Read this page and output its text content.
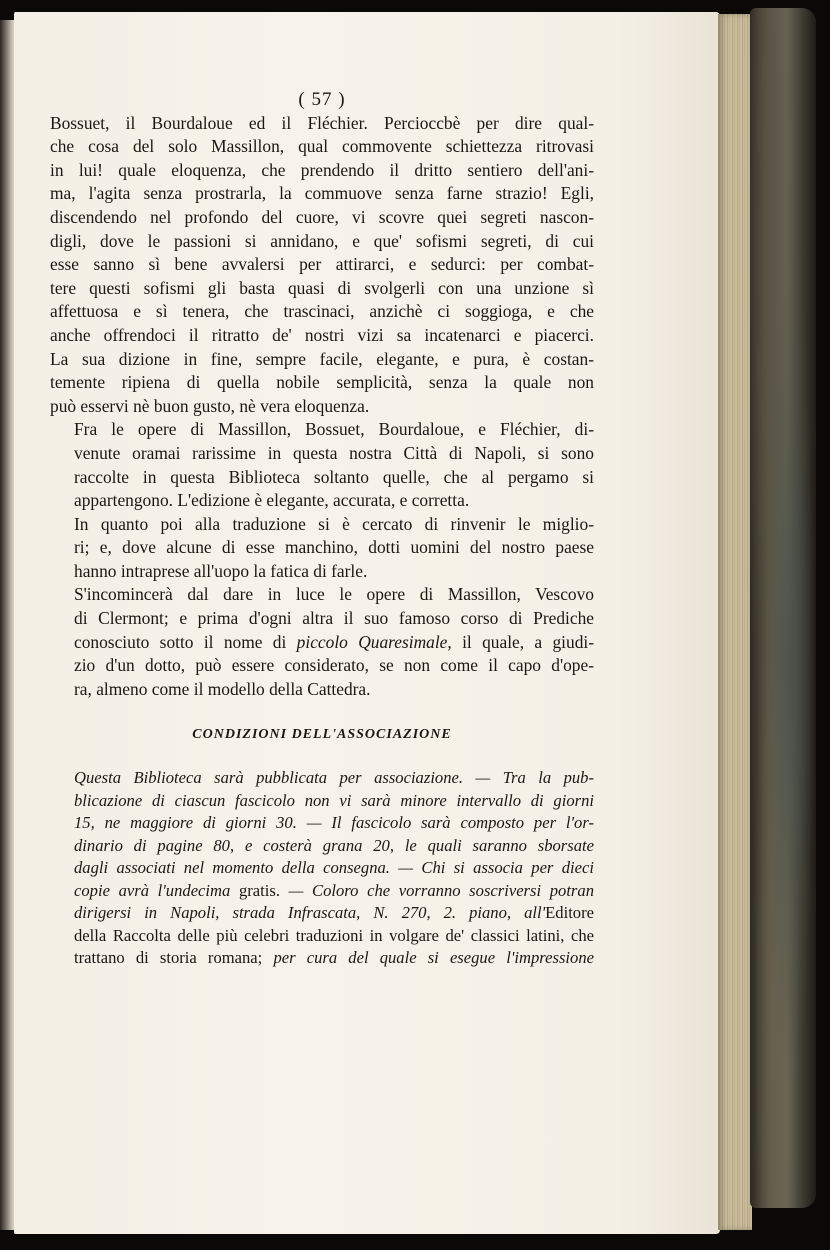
( 57 )

Bossuet, il Bourdaloue ed il Fléchier. Percioccbè per dire qual-
che cosa del solo Massillon, qual commovente schiettezza ritrovasi
in lui! quale eloquenza, che prendendo il dritto sentiero dell'ani-
ma, l'agita senza prostrarla, la commuove senza farne strazio! Egli,
discendendo nel profondo del cuore, vi scovre quei segreti nascon-
digli, dove le passioni si annidano, e que' sofismi segreti, di cui
esse sanno sì bene avvalersi per attirarci, e sedurci: per combat-
tere questi sofismi gli basta quasi di svolgerli con una unzione sì
affettuosa e sì tenera, che trascinaci, anzichè ci soggioga, e che
anche offrendoci il ritratto de' nostri vizi sa incatenarci e piacerci.
La sua dizione in fine, sempre facile, elegante, e pura, è costan-
temente ripiena di quella nobile semplicità, senza la quale non
può esservi nè buon gusto, nè vera eloquenza.

Fra le opere di Massillon, Bossuet, Bourdaloue, e Fléchier, di-
venute oramai rarissime in questa nostra Città di Napoli, si sono
raccolte in questa Biblioteca soltanto quelle, che al pergamo si
appartengono. L'edizione è elegante, accurata, e corretta.

In quanto poi alla traduzione si è cercato di rinvenir le miglio-
ri; e, dove alcune di esse manchino, dotti uomini del nostro paese
hanno intraprese all'uopo la fatica di farle.

S'incomincerà dal dare in luce le opere di Massillon, Vescovo
di Clermont; e prima d'ogni altra il suo famoso corso di Prediche
conosciuto sotto il nome di piccolo Quaresimale, il quale, a giudi-
zio d'un dotto, può essere considerato, se non come il capo d'ope-
ra, almeno come il modello della Cattedra.

CONDIZIONI DELL'ASSOCIAZIONE

Questa Biblioteca sarà pubblicata per associazione. — Tra la pub-
blicazione di ciascun fascicolo non vi sarà minore intervallo di giorni
15, ne maggiore di giorni 30. — Il fascicolo sarà composto per l'or-
dinario di pagine 80, e costerà grana 20, le quali saranno sborsate
dagli associati nel momento della consegna. — Chi si associa per dieci
copie avrà l'undecima gratis. — Coloro che vorranno soscriversi potran
dirigersi in Napoli, strada Infrascata, N. 270, 2. piano, all'Editore
della Raccolta delle più celebri traduzioni in volgare de' classici latini, che
trattano di storia romana; per cura del quale si esegue l'impressione
